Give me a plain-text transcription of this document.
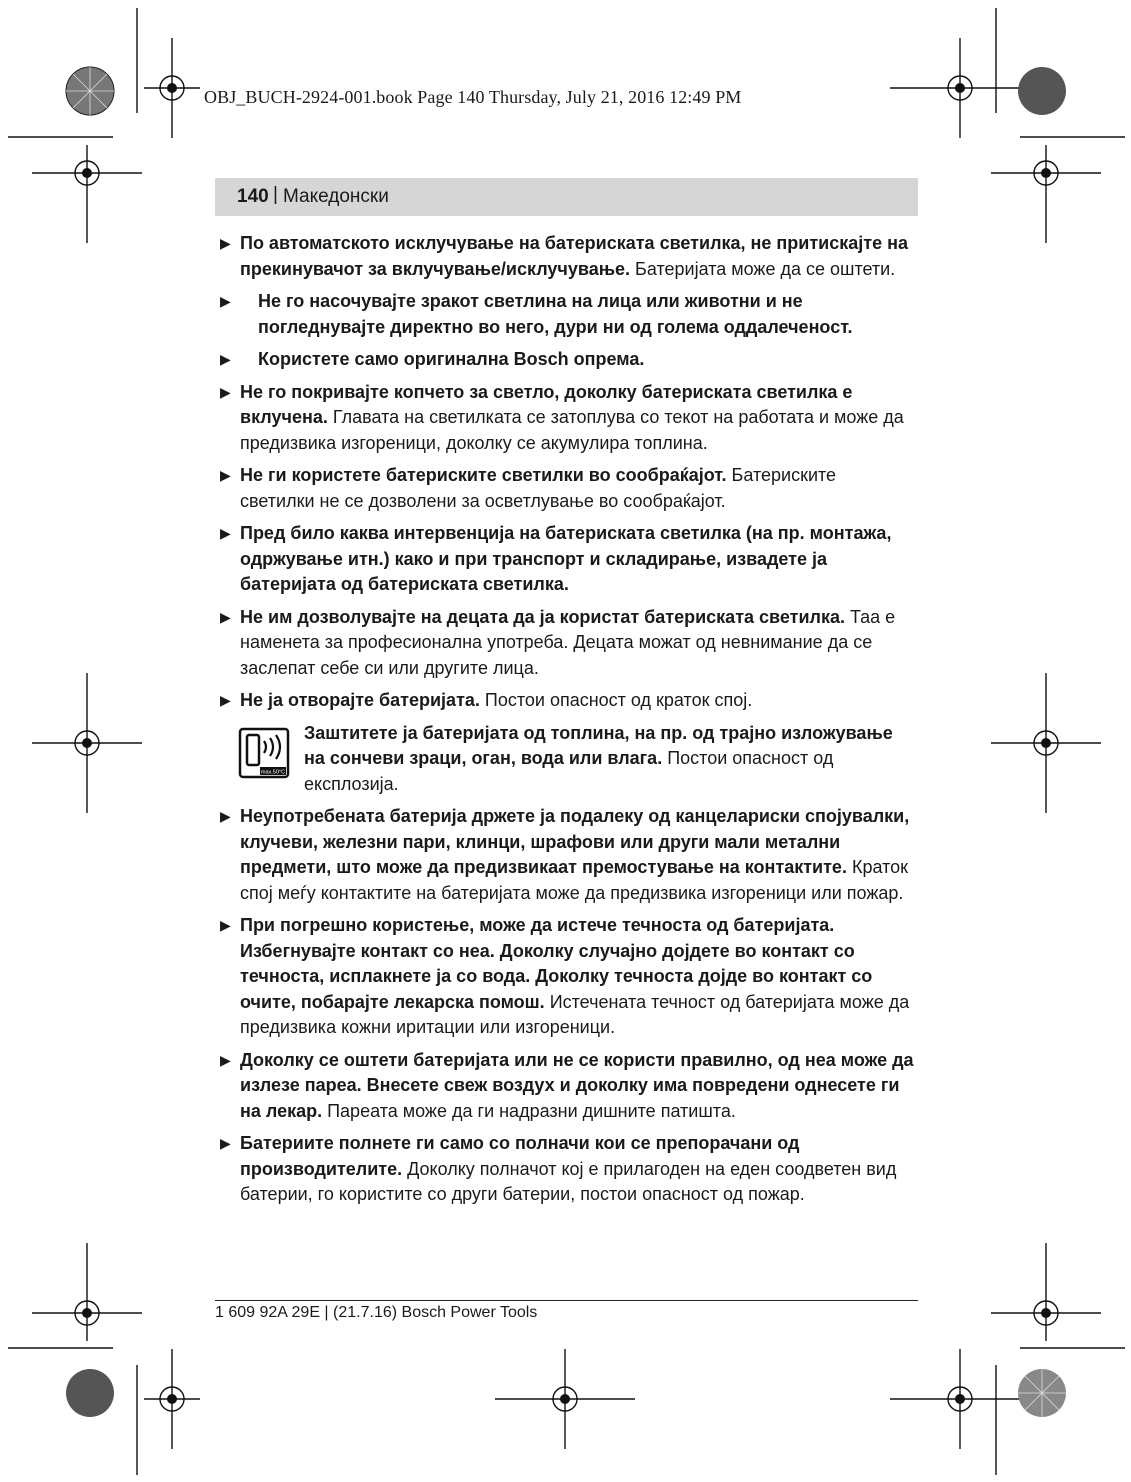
OBJ_BUCH-2924-001.book Page 140 Thursday, July 21, 2016 12:49 PM
140 | Македонски
▶ По автоматското исклучување на батериската светилка, не притискајте на прекинувачот за вклучување/исклучување. Батеријата може да се оштети.
▶ Не го насочувајте зракот светлина на лица или животни и не погледнувајте директно во него, дури ни од голема оддалеченост.
▶ Користете само оригинална Bosch опрема.
▶ Не го покривајте копчето за светло, доколку батериската светилка е вклучена. Главата на светилката се затоплува со текот на работата и може да предизвика изгореници, доколку се акумулира топлина.
▶ Не ги користете батериските светилки во сообраќајот. Батериските светилки не се дозволени за осветлување во сообраќајот.
▶ Пред било каква интервенција на батериската светилка (на пр. монтажа, одржување итн.) како и при транспорт и складирање, извадете ја батеријата од батериската светилка.
▶ Не им дозволувајте на децата да ја користат батериската светилка. Таа е наменета за професионална употреба. Децата можат од невнимание да се заслепат себе си или другите лица.
▶ Не ја отворајте батеријата. Постои опасност од краток спој.
max.50°C
Заштитете ја батеријата од топлина, на пр. од трајно изложување на сончеви зраци, оган, вода или влага. Постои опасност од експлозија.
▶ Неупотребената батерија држете ја подалеку од канцелариски спојувалки, клучеви, железни пари, клинци, шрафови или други мали метални предмети, што може да предизвикаат премостување на контактите. Краток спој меѓу контактите на батеријата може да предизвика изгореници или пожар.
▶ При погрешно користење, може да истече течноста од батеријата. Избегнувајте контакт со неа. Доколку случајно дојдете во контакт со течноста, исплакнете ја со вода. Доколку течноста дојде во контакт со очите, побарајте лекарска помош. Истечената течност од батеријата може да предизвика кожни иритации или изгореници.
▶ Доколку се оштети батеријата или не се користи правилно, од неа може да излезе пареа. Внесете свеж воздух и доколку има повредени однесете ги на лекар. Пареата може да ги надразни дишните патишта.
▶ Батериите полнете ги само со полначи кои се препорачани од производителите. Доколку полначот кој е прилагоден на еден соодветен вид батерии, го користите со други батерии, постои опасност од пожар.
1 609 92A 29E | (21.7.16) Bosch Power Tools
